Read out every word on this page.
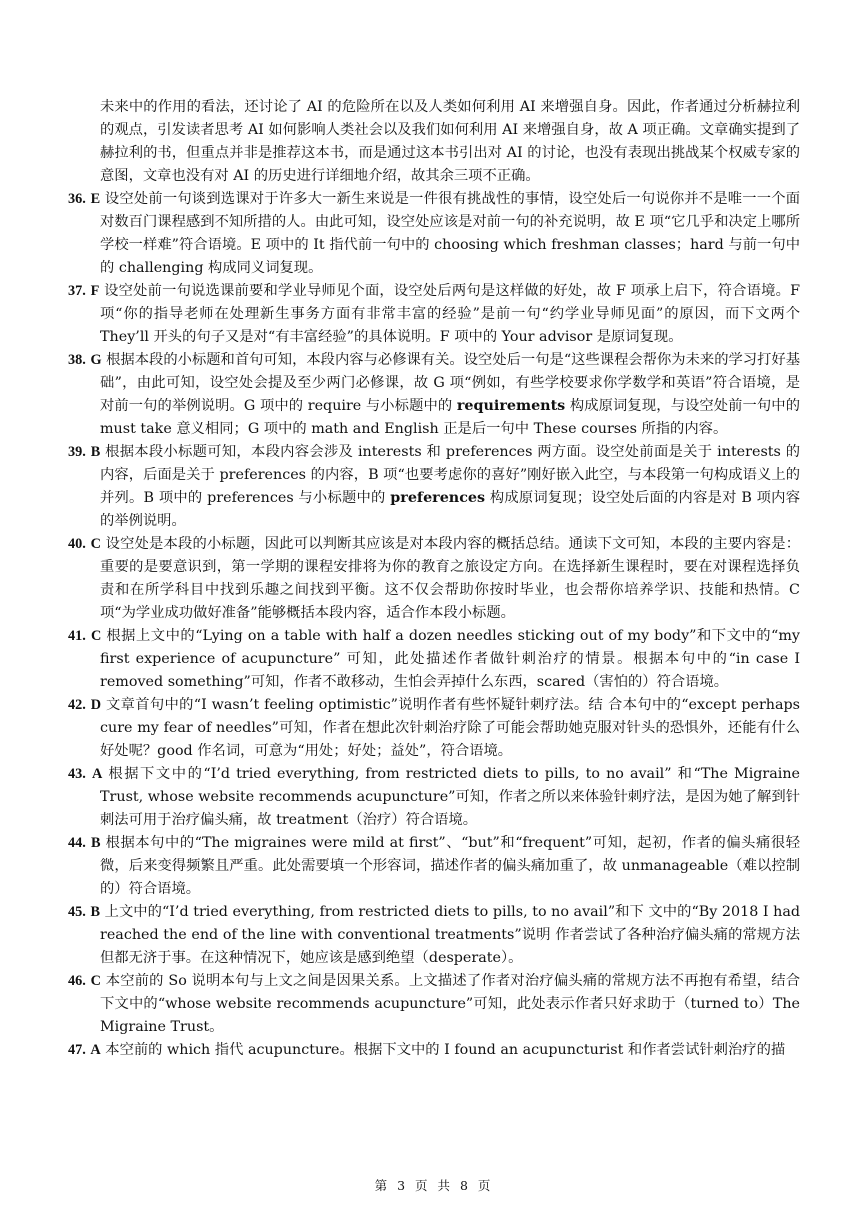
未来中的作用的看法，还讨论了 AI 的危险所在以及人类如何利用 AI 来增强自身。因此，作者通过分析赫拉利的观点，引发读者思考 AI 如何影响人类社会以及我们如何利用 AI 来增强自身，故 A 项正确。文章确实提到了赫拉利的书，但重点并非是推荐这本书，而是通过这本书引出对 AI 的讨论，也没有表现出挑战某个权威专家的意图，文章也没有对 AI 的历史进行详细地介绍，故其余三项不正确。

36. E 设空处前一句谈到选课对于许多大一新生来说是一件很有挑战性的事情，设空处后一句说你并不是唯一一个面对数百门课程感到不知所措的人。由此可知，设空处应该是对前一句的补充说明，故 E 项“它几乎和决定上哪所学校一样难”符合语境。E 项中的 It 指代前一句中的 choosing which freshman classes；hard 与前一句中的 challenging 构成同义词复现。

37. F 设空处前一句说选课前要和学业导师见个面，设空处后两句是这样做的好处，故 F 项承上启下，符合语境。F 项“你的指导老师在处理新生事务方面有非常丰富的经验”是前一句“约学业导师见面”的原因，而下文两个 They’ll 开头的句子又是对“有丰富经验”的具体说明。F 项中的 Your advisor 是原词复现。

38. G 根据本段的小标题和首句可知，本段内容与必修课有关。设空处后一句是“这些课程会帮你为未来的学习打好基础”，由此可知，设空处会提及至少两门必修课，故 G 项“例如，有些学校要求你学数学和英语”符合语境，是对前一句的举例说明。G 项中的 require 与小标题中的 requirements 构成原词复现，与设空处前一句中的 must take 意义相同；G 项中的 math and English 正是后一句中 These courses 所指的内容。

39. B 根据本段小标题可知，本段内容会涉及 interests 和 preferences 两方面。设空处前面是关于 interests 的内容，后面是关于 preferences 的内容，B 项“也要考虑你的喜好”刚好嵌入此空，与本段第一句构成语义上的并列。B 项中的 preferences 与小标题中的 preferences 构成原词复现；设空处后面的内容是对 B 项内容的举例说明。

40. C 设空处是本段的小标题，因此可以判断其应该是对本段内容的概括总结。通读下文可知，本段的主要内容是：重要的是要意识到，第一学期的课程安排将为你的教育之旅设定方向。在选择新生课程时，要在对课程选择负责和在所学科目中找到乐趣之间找到平衡。这不仅会帮助你按时毕业，也会帮你培养学识、技能和热情。C 项“为学业成功做好准备”能够概括本段内容，适合作本段小标题。

41. C 根据上文中的“Lying on a table with half a dozen needles sticking out of my body”和下文中的“my first experience of acupuncture” 可知，此处描述作者做针刺治疗的情景。根据本句中的“in case I removed something”可知，作者不敢移动，生怕会弄掉什么东西，scared（害怕的）符合语境。

42. D 文章首句中的“I wasn’t feeling optimistic”说明作者有些怀疑针刺疗法。结 合本句中的“except perhaps cure my fear of needles”可知，作者在想此次针刺治疗除了可能会帮助她克服对针头的恐惧外，还能有什么好处呢？good 作名词，可意为“用处；好处；益处”，符合语境。

43. A 根据下文中的“I’d tried everything, from restricted diets to pills, to no avail” 和“The Migraine Trust, whose website recommends acupuncture”可知，作者之所以来体验针刺疗法，是因为她了解到针刺法可用于治疗偏头痛，故 treatment（治疗）符合语境。

44. B 根据本句中的“The migraines were mild at first”、“but”和“frequent”可知，起初，作者的偏头痛很轻微，后来变得频繁且严重。此处需要填一个形容词，描述作者的偏头痛加重了，故 unmanageable（难以控制的）符合语境。

45. B 上文中的“I’d tried everything, from restricted diets to pills, to no avail”和下 文中的“By 2018 I had reached the end of the line with conventional treatments”说明 作者尝试了各种治疗偏头痛的常规方法但都无济于事。在这种情况下，她应该是感到绝望（desperate）。

46. C 本空前的 So 说明本句与上文之间是因果关系。上文描述了作者对治疗偏头痛的常规方法不再抱有希望，结合下文中的“whose website recommends acupuncture”可知，此处表示作者只好求助于（turned to）The Migraine Trust。

47. A 本空前的 which 指代 acupuncture。根据下文中的 I found an acupuncturist 和作者尝试针刺治疗的描

第 3 页 共 8 页
